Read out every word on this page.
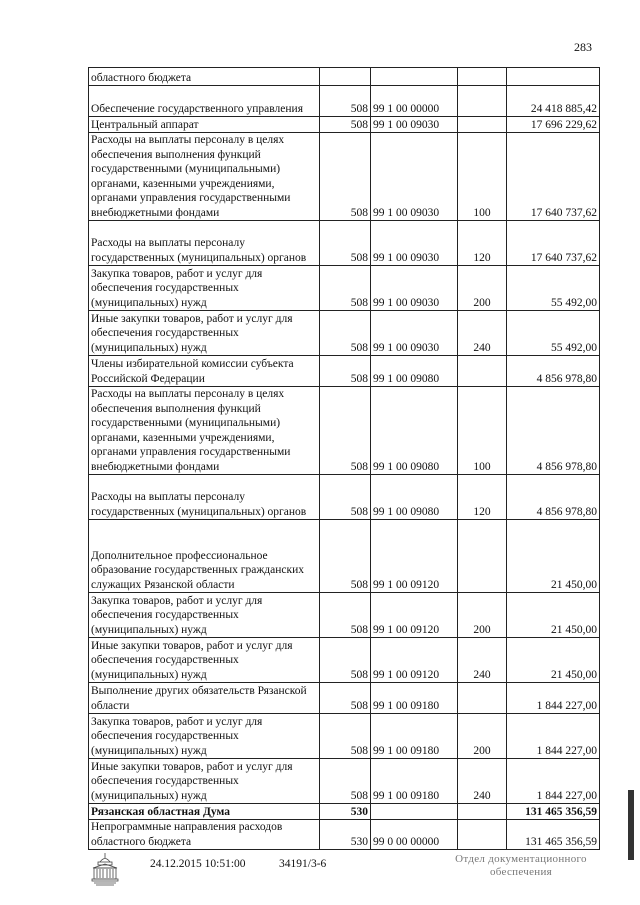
283
областного бюджета				
Обеспечение государственного управления	508	99 1 00 00000		24 418 885,42
Центральный аппарат	508	99 1 00 09030		17 696 229,62
Расходы на выплаты персоналу в целях обеспечения выполнения функций государственными (муниципальными) органами, казенными учреждениями, органами управления государственными внебюджетными фондами	508	99 1 00 09030	100	17 640 737,62
Расходы на выплаты персоналу государственных (муниципальных) органов	508	99 1 00 09030	120	17 640 737,62
Закупка товаров, работ и услуг для обеспечения государственных (муниципальных) нужд	508	99 1 00 09030	200	55 492,00
Иные закупки товаров, работ и услуг для обеспечения государственных (муниципальных) нужд	508	99 1 00 09030	240	55 492,00
Члены избирательной комиссии субъекта Российской Федерации	508	99 1 00 09080		4 856 978,80
Расходы на выплаты персоналу в целях обеспечения выполнения функций государственными (муниципальными) органами, казенными учреждениями, органами управления государственными внебюджетными фондами	508	99 1 00 09080	100	4 856 978,80
Расходы на выплаты персоналу государственных (муниципальных) органов	508	99 1 00 09080	120	4 856 978,80
Дополнительное профессиональное образование государственных гражданских служащих Рязанской области	508	99 1 00 09120		21 450,00
Закупка товаров, работ и услуг для обеспечения государственных (муниципальных) нужд	508	99 1 00 09120	200	21 450,00
Иные закупки товаров, работ и услуг для обеспечения государственных (муниципальных) нужд	508	99 1 00 09120	240	21 450,00
Выполнение других обязательств Рязанской области	508	99 1 00 09180		1 844 227,00
Закупка товаров, работ и услуг для обеспечения государственных (муниципальных) нужд	508	99 1 00 09180	200	1 844 227,00
Иные закупки товаров, работ и услуг для обеспечения государственных (муниципальных) нужд	508	99 1 00 09180	240	1 844 227,00
Рязанская областная Дума	530			131 465 356,59
Непрограммные направления расходов областного бюджета	530	99 0 00 00000		131 465 356,59
24.12.2015 10:51:00	34191/3-6	Отдел документационного обеспечения
